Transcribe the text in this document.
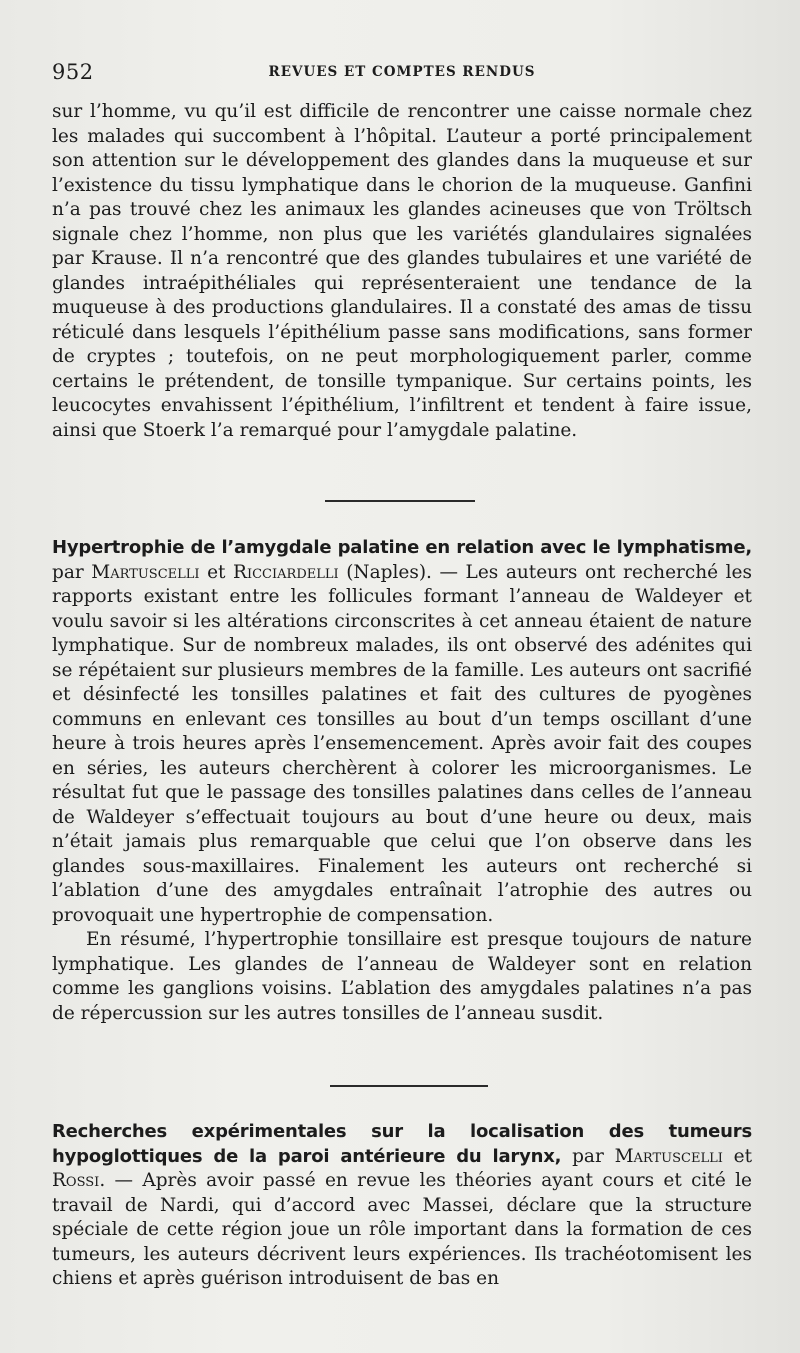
952	REVUES ET COMPTES RENDUS

sur l’homme, vu qu’il est difficile de rencontrer une caisse normale chez les malades qui succombent à l’hôpital. L’auteur a porté principalement son attention sur le développement des glandes dans la muqueuse et sur l’existence du tissu lymphatique dans le chorion de la muqueuse. Ganfini n’a pas trouvé chez les animaux les glandes acineuses que von Tröltsch signale chez l’homme, non plus que les variétés glandulaires signalées par Krause. Il n’a rencontré que des glandes tubulaires et une variété de glandes intraépithéliales qui représenteraient une tendance de la muqueuse à des productions glandulaires. Il a constaté des amas de tissu réticulé dans lesquels l’épithélium passe sans modifications, sans former de cryptes ; toutefois, on ne peut morphologiquement parler, comme certains le prétendent, de tonsille tympanique. Sur certains points, les leucocytes envahissent l’épithélium, l’infiltrent et tendent à faire issue, ainsi que Stoerk l’a remarqué pour l’amygdale palatine.

Hypertrophie de l’amygdale palatine en relation avec le lymphatisme, par Martuscelli et Ricciardelli (Naples). — Les auteurs ont recherché les rapports existant entre les follicules formant l’anneau de Waldeyer et voulu savoir si les altérations circonscrites à cet anneau étaient de nature lymphatique. Sur de nombreux malades, ils ont observé des adénites qui se répétaient sur plusieurs membres de la famille. Les auteurs ont sacrifié et désinfecté les tonsilles palatines et fait des cultures de pyogènes communs en enlevant ces tonsilles au bout d’un temps oscillant d’une heure à trois heures après l’ensemencement. Après avoir fait des coupes en séries, les auteurs cherchèrent à colorer les microorganismes. Le résultat fut que le passage des tonsilles palatines dans celles de l’anneau de Waldeyer s’effectuait toujours au bout d’une heure ou deux, mais n’était jamais plus remarquable que celui que l’on observe dans les glandes sous-maxillaires. Finalement les auteurs ont recherché si l’ablation d’une des amygdales entraînait l’atrophie des autres ou provoquait une hypertrophie de compensation.

En résumé, l’hypertrophie tonsillaire est presque toujours de nature lymphatique. Les glandes de l’anneau de Waldeyer sont en relation comme les ganglions voisins. L’ablation des amygdales palatines n’a pas de répercussion sur les autres tonsilles de l’anneau susdit.

Recherches expérimentales sur la localisation des tumeurs hypoglottiques de la paroi antérieure du larynx, par Martuscelli et Rossi. — Après avoir passé en revue les théories ayant cours et cité le travail de Nardi, qui d’accord avec Massei, déclare que la structure spéciale de cette région joue un rôle important dans la formation de ces tumeurs, les auteurs décrivent leurs expériences. Ils trachéotomisent les chiens et après guérison introduisent de bas en
